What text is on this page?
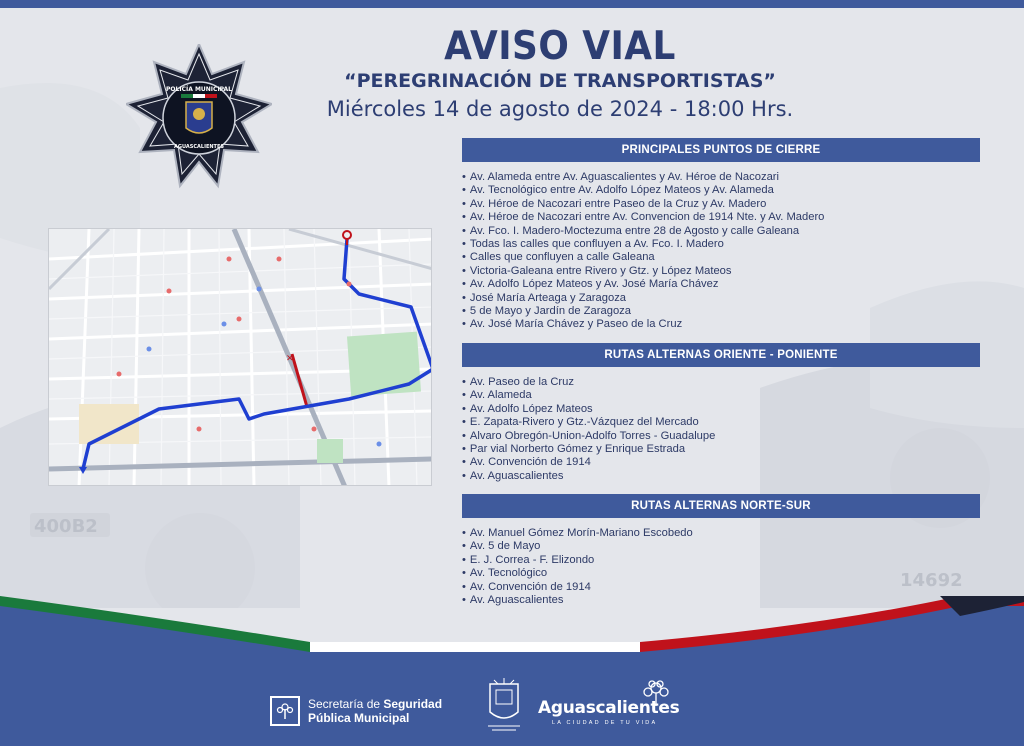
400B2
14692
POLICÍA MUNICIPAL
AGUASCALIENTES
AVISO VIAL
“PEREGRINACIÓN DE TRANSPORTISTAS”
Miércoles 14 de agosto de 2024 - 18:00 Hrs.
✕
PRINCIPALES PUNTOS DE CIERRE
• Av. Alameda entre Av. Aguascalientes y Av. Héroe de Nacozari
• Av. Tecnológico entre Av. Adolfo López Mateos y Av. Alameda
• Av. Héroe de Nacozari entre Paseo de la Cruz y Av. Madero
• Av. Héroe de Nacozari entre Av. Convencion de 1914 Nte. y Av. Madero
• Av. Fco. I. Madero-Moctezuma entre 28 de Agosto y calle Galeana
• Todas las calles que confluyen a Av. Fco. I. Madero
• Calles que confluyen a calle Galeana
• Victoria-Galeana entre Rivero y Gtz. y López Mateos
• Av. Adolfo López Mateos y Av. José María Chávez
• José María Arteaga y Zaragoza
• 5 de Mayo y Jardín de Zaragoza
• Av. José María Chávez y Paseo de la Cruz
RUTAS ALTERNAS ORIENTE - PONIENTE
• Av. Paseo de la Cruz
• Av. Alameda
• Av. Adolfo López Mateos
• E. Zapata-Rivero y Gtz.-Vázquez del Mercado
• Alvaro Obregón-Union-Adolfo Torres - Guadalupe
• Par vial Norberto Gómez y Enrique Estrada
• Av. Convención de 1914
• Av. Aguascalientes
RUTAS ALTERNAS NORTE-SUR
• Av. Manuel Gómez Morín-Mariano Escobedo
• Av. 5 de Mayo
• E. J. Correa - F. Elizondo
• Av. Tecnológico
• Av. Convención de 1914
• Av. Aguascalientes
Secretaría de Seguridad
Pública Municipal	Aguascalientes
LA CIUDAD DE TU VIDA
